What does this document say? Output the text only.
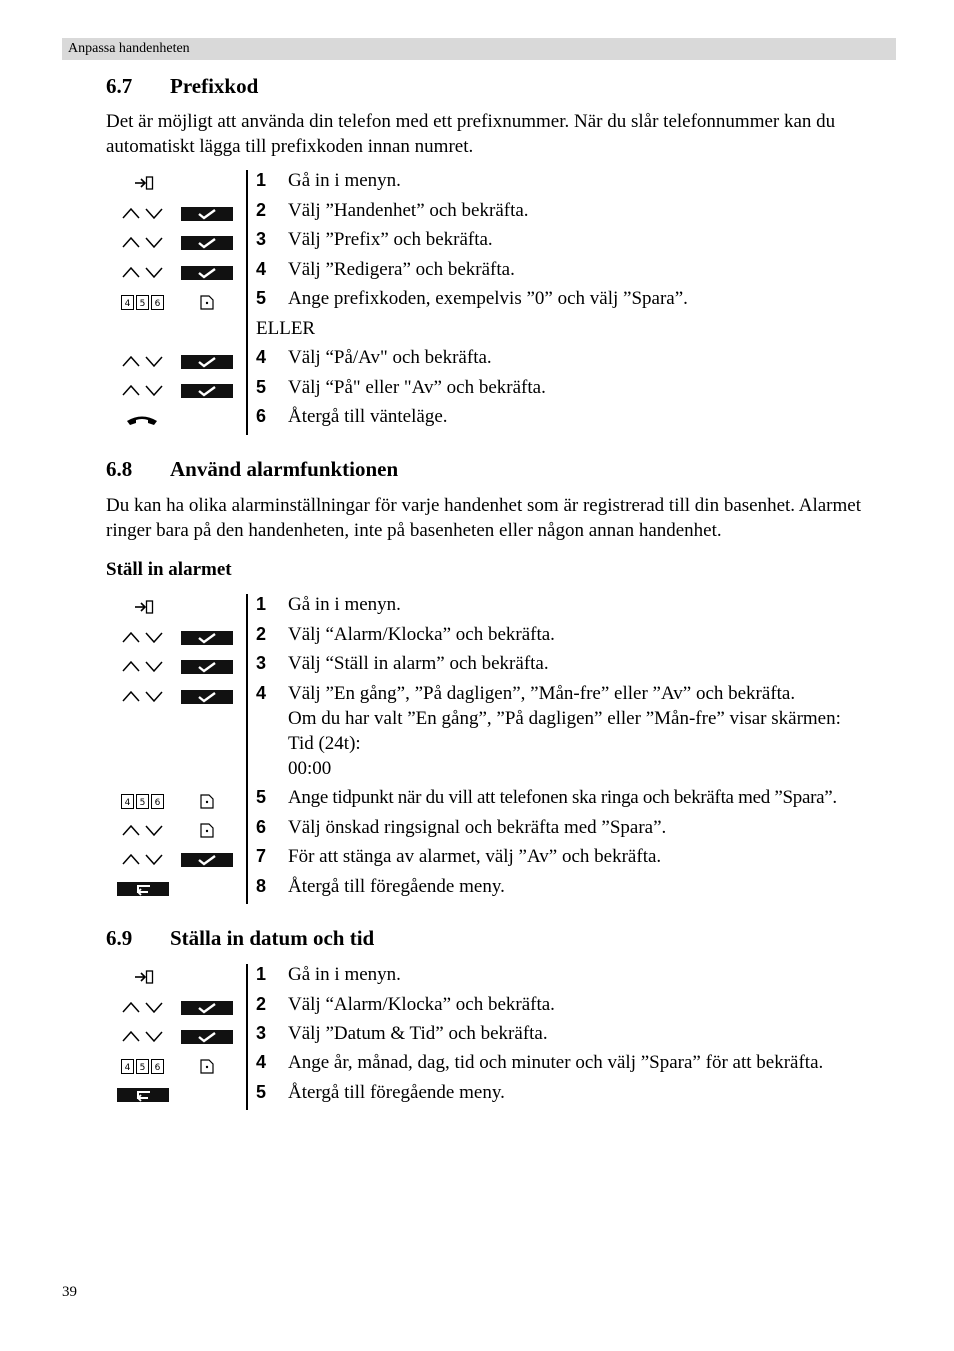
Anpassa handenheten
6.7 Prefixkod

Det är möjligt att använda din telefon med ett prefixnummer. När du slår telefonnummer kan du automatiskt lägga till prefixkoden innan numret.

1 Gå in i menyn.
2 Välj ”Handenhet” och bekräfta.
3 Välj ”Prefix” och bekräfta.
4 Välj ”Redigera” och bekräfta.
5 Ange prefixkoden, exempelvis ”0” och välj ”Spara”.
ELLER
4 Välj “På/Av" och bekräfta.
5 Välj “På" eller "Av” och bekräfta.
6 Återgå till vänteläge.
4 5 6
6.8 Använd alarmfunktionen

Du kan ha olika alarminställningar för varje handenhet som är registrerad till din basenhet. Alarmet ringer bara på den handenheten, inte på basenheten eller någon annan handenhet.

Ställ in alarmet

1 Gå in i menyn.
2 Välj “Alarm/Klocka” och bekräfta.
3 Välj “Ställ in alarm” och bekräfta.
4 Välj ”En gång”, ”På dagligen”, ”Mån-fre” eller ”Av” och bekräfta.
Om du har valt ”En gång”, ”På dagligen” eller ”Mån-fre” visar skärmen:
Tid (24t):
00:00
5 Ange tidpunkt när du vill att telefonen ska ringa och bekräfta med ”Spara”.
6 Välj önskad ringsignal och bekräfta med ”Spara”.
7 För att stänga av alarmet, välj ”Av” och bekräfta.
8 Återgå till föregående meny.
4 5 6
6.9 Ställa in datum och tid
1 Gå in i menyn.
2 Välj “Alarm/Klocka” och bekräfta.
3 Välj ”Datum & Tid” och bekräfta.
4 Ange år, månad, dag, tid och minuter och välj ”Spara” för att bekräfta.
5 Återgå till föregående meny.
4 5 6
39
